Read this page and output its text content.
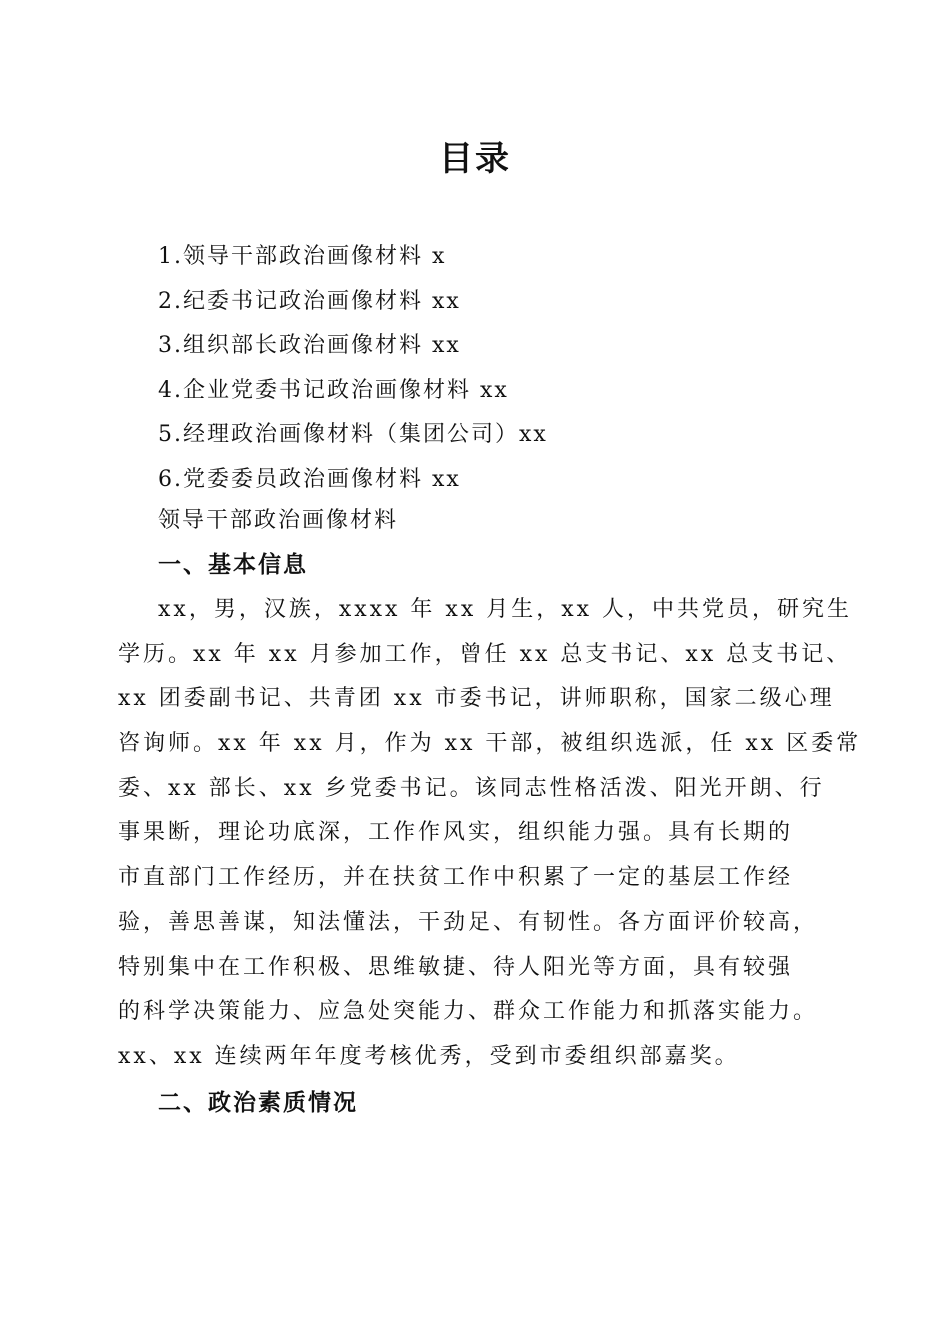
目录
1.领导干部政治画像材料 x
2.纪委书记政治画像材料 xx
3.组织部长政治画像材料 xx
4.企业党委书记政治画像材料 xx
5.经理政治画像材料（集团公司）xx
6.党委委员政治画像材料 xx
领导干部政治画像材料
一、基本信息
xx，男，汉族，xxxx 年 xx 月生，xx 人，中共党员，研究生
学历。xx 年 xx 月参加工作，曾任 xx 总支书记、xx 总支书记、
xx 团委副书记、共青团 xx 市委书记，讲师职称，国家二级心理
咨询师。xx 年 xx 月，作为 xx 干部，被组织选派，任 xx 区委常
委、xx 部长、xx 乡党委书记。该同志性格活泼、阳光开朗、行
事果断，理论功底深，工作作风实，组织能力强。具有长期的
市直部门工作经历，并在扶贫工作中积累了一定的基层工作经
验，善思善谋，知法懂法，干劲足、有韧性。各方面评价较高，
特别集中在工作积极、思维敏捷、待人阳光等方面，具有较强
的科学决策能力、应急处突能力、群众工作能力和抓落实能力。
xx、xx 连续两年年度考核优秀，受到市委组织部嘉奖。
二、政治素质情况
